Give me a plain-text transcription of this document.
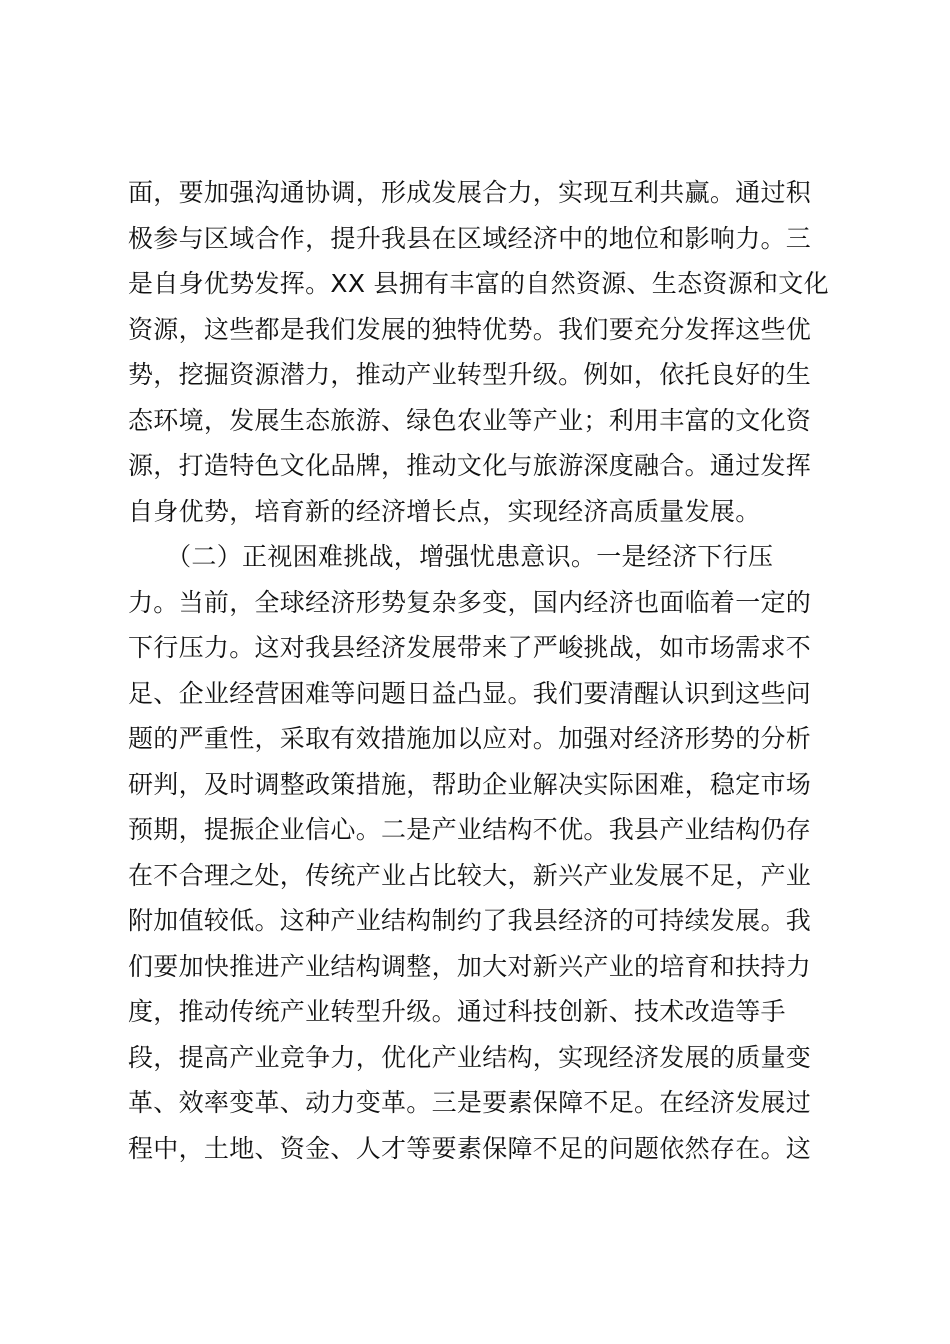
面，要加强沟通协调，形成发展合力，实现互利共赢。通过积
极参与区域合作，提升我县在区域经济中的地位和影响力。三
是自身优势发挥。XX 县拥有丰富的自然资源、生态资源和文化
资源，这些都是我们发展的独特优势。我们要充分发挥这些优
势，挖掘资源潜力，推动产业转型升级。例如，依托良好的生
态环境，发展生态旅游、绿色农业等产业；利用丰富的文化资
源，打造特色文化品牌，推动文化与旅游深度融合。通过发挥
自身优势，培育新的经济增长点，实现经济高质量发展。
　　（二）正视困难挑战，增强忧患意识。一是经济下行压
力。当前，全球经济形势复杂多变，国内经济也面临着一定的
下行压力。这对我县经济发展带来了严峻挑战，如市场需求不
足、企业经营困难等问题日益凸显。我们要清醒认识到这些问
题的严重性，采取有效措施加以应对。加强对经济形势的分析
研判，及时调整政策措施，帮助企业解决实际困难，稳定市场
预期，提振企业信心。二是产业结构不优。我县产业结构仍存
在不合理之处，传统产业占比较大，新兴产业发展不足，产业
附加值较低。这种产业结构制约了我县经济的可持续发展。我
们要加快推进产业结构调整，加大对新兴产业的培育和扶持力
度，推动传统产业转型升级。通过科技创新、技术改造等手
段，提高产业竞争力，优化产业结构，实现经济发展的质量变
革、效率变革、动力变革。三是要素保障不足。在经济发展过
程中，土地、资金、人才等要素保障不足的问题依然存在。这
